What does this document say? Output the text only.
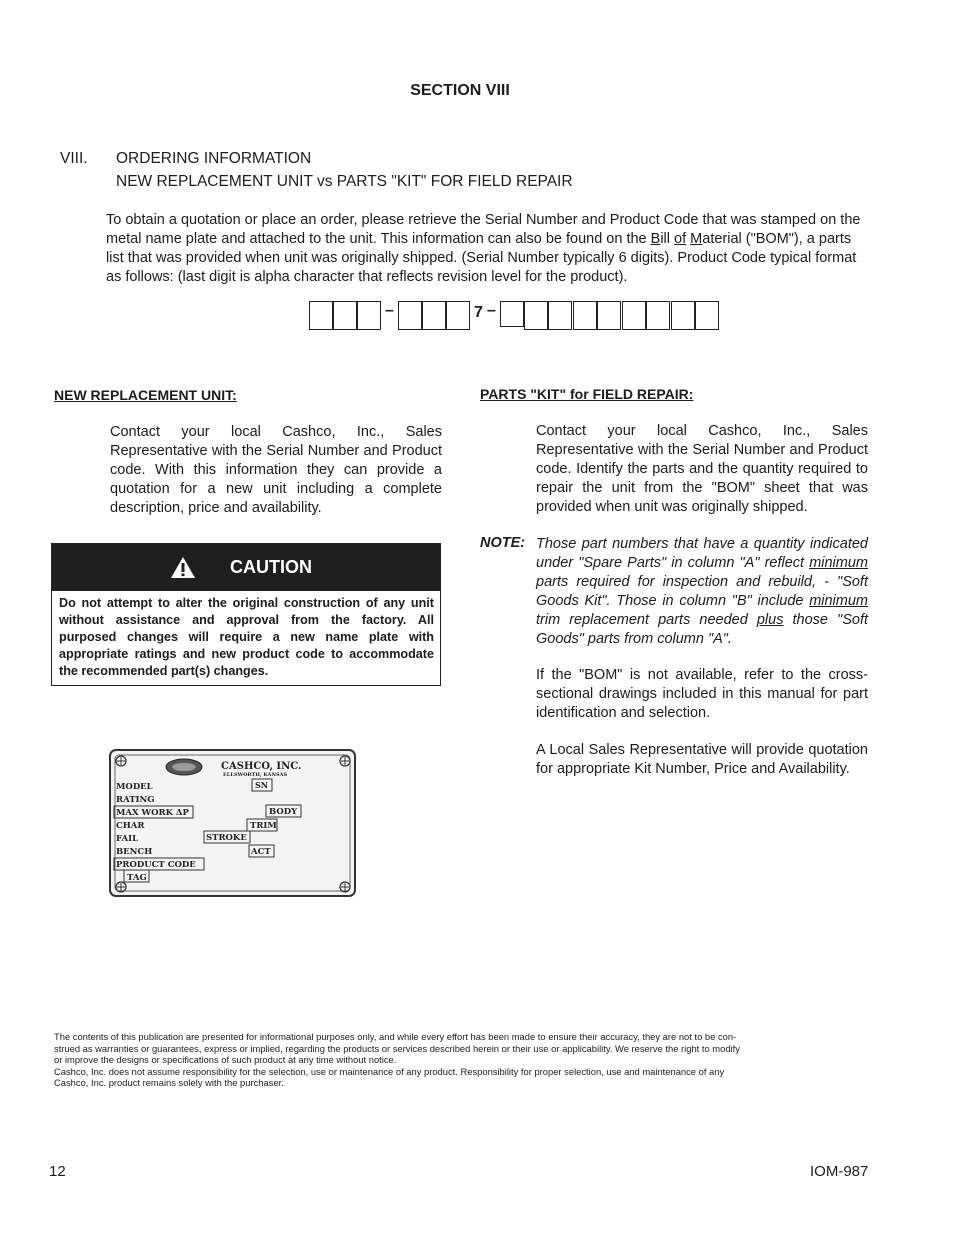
SECTION VIII
VIII. ORDERING INFORMATION
NEW REPLACEMENT UNIT vs PARTS "KIT" FOR FIELD REPAIR
To obtain a quotation or place an order, please retrieve the Serial Number and Product Code that was stamped on the metal name plate and attached to the unit. This information can also be found on the Bill of Material ("BOM"), a parts list that was provided when unit was originally shipped. (Serial Number typically 6 digits). Product Code typical format as follows: (last digit is alpha character that reflects revision level for the product).
–	7 –
NEW REPLACEMENT UNIT:
Contact your local Cashco, Inc., Sales Representative with the Serial Number and Product code. With this information they can provide a quotation for a new unit including a complete description, price and availability.
CAUTION
Do not attempt to alter the original construction of any unit without assistance and approval from the factory. All purposed changes will require a new name plate with appropriate ratings and new product code to accommodate the recommended part(s) changes.
PARTS "KIT" for FIELD REPAIR:
Contact your local Cashco, Inc., Sales Representative with the Serial Number and Product code. Identify the parts and the quantity required to repair the unit from the "BOM" sheet that was provided when unit was originally shipped.
NOTE: Those part numbers that have a quantity indicated under "Spare Parts" in column "A" reflect minimum parts required for inspection and rebuild, - "Soft Goods Kit". Those in column "B" include minimum trim replacement parts needed plus those "Soft Goods" parts from column "A".
If the "BOM" is not available, refer to the cross-sectional drawings included in this manual for part identification and selection.
A Local Sales Representative will provide quotation for appropriate Kit Number, Price and Availability.
CASHCO, INC.
ELLSWORTH, KANSAS
SN
MODEL
RATING
MAX WORK ΔP	BODY
CHAR	TRIM
FAIL	STROKE
BENCH	ACT
PRODUCT CODE
TAG
The contents of this publication are presented for informational purposes only, and while every effort has been made to ensure their accuracy, they are not to be con-
strued as warranties or guarantees, express or implied, regarding the products or services described herein or their use or applicability. We reserve the right to modify
or improve the designs or specifications of such product at any time without notice.
Cashco, Inc. does not assume responsibility for the selection, use or maintenance of any product. Responsibility for proper selection, use and maintenance of any
Cashco, Inc. product remains solely with the purchaser.
12	IOM-987
